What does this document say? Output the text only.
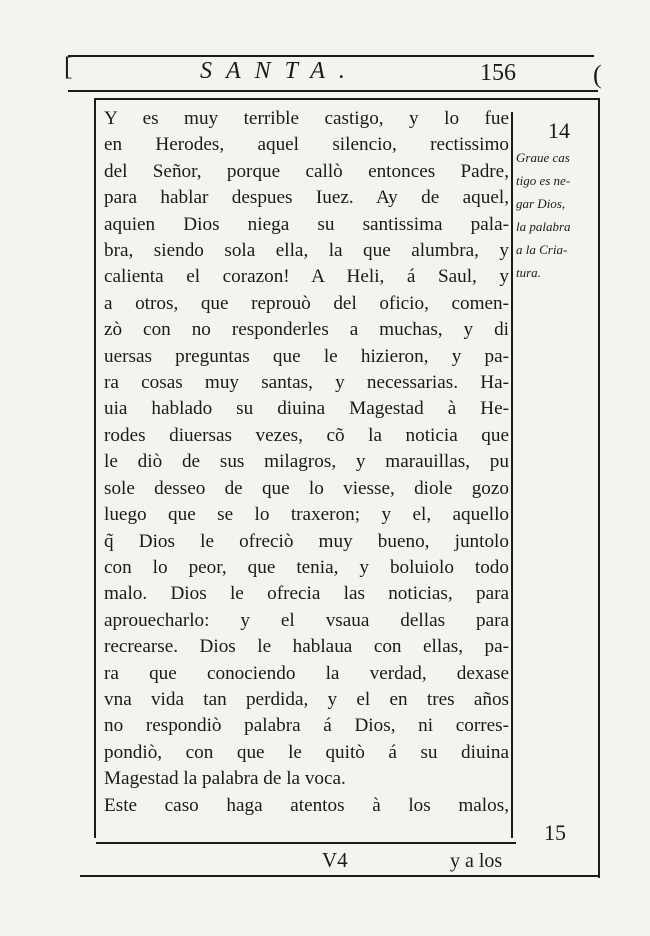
[	(
SANTA.	156
Y es muy terrible castigo, y lo fue
en Herodes, aquel silencio, rectissimo
del Señor, porque callò entonces Padre,
para hablar despues Iuez. Ay de aquel,
aquien Dios niega su santissima pala-
bra, siendo sola ella, la que alumbra, y
calienta el corazon! A Heli, á Saul, y
a otros, que reprouò del oficio, comen-
zò con no responderles a muchas, y di
uersas preguntas que le hizieron, y pa-
ra cosas muy santas, y necessarias. Ha-
uia hablado su diuina Magestad à He-
rodes diuersas vezes, cõ la noticia que
le diò de sus milagros, y marauillas, pu
sole desseo de que lo viesse, diole gozo
luego que se lo traxeron; y el, aquello
q̃ Dios le ofreciò muy bueno, juntolo
con lo peor, que tenia, y boluiolo todo
malo. Dios le ofrecia las noticias, para
aprouecharlo: y el vsaua dellas para
recrearse. Dios le hablaua con ellas, pa-
ra que conociendo la verdad, dexase
vna vida tan perdida, y el en tres años
no respondiò palabra á Dios, ni corres-
pondiò, con que le quitò á su diuina
Magestad la palabra de la voca.
Este caso haga atentos à los malos,
14
Graue cas
tigo es ne-
gar Dios,
la palabra
a la Cria-
tura.
15
V4	y a los
